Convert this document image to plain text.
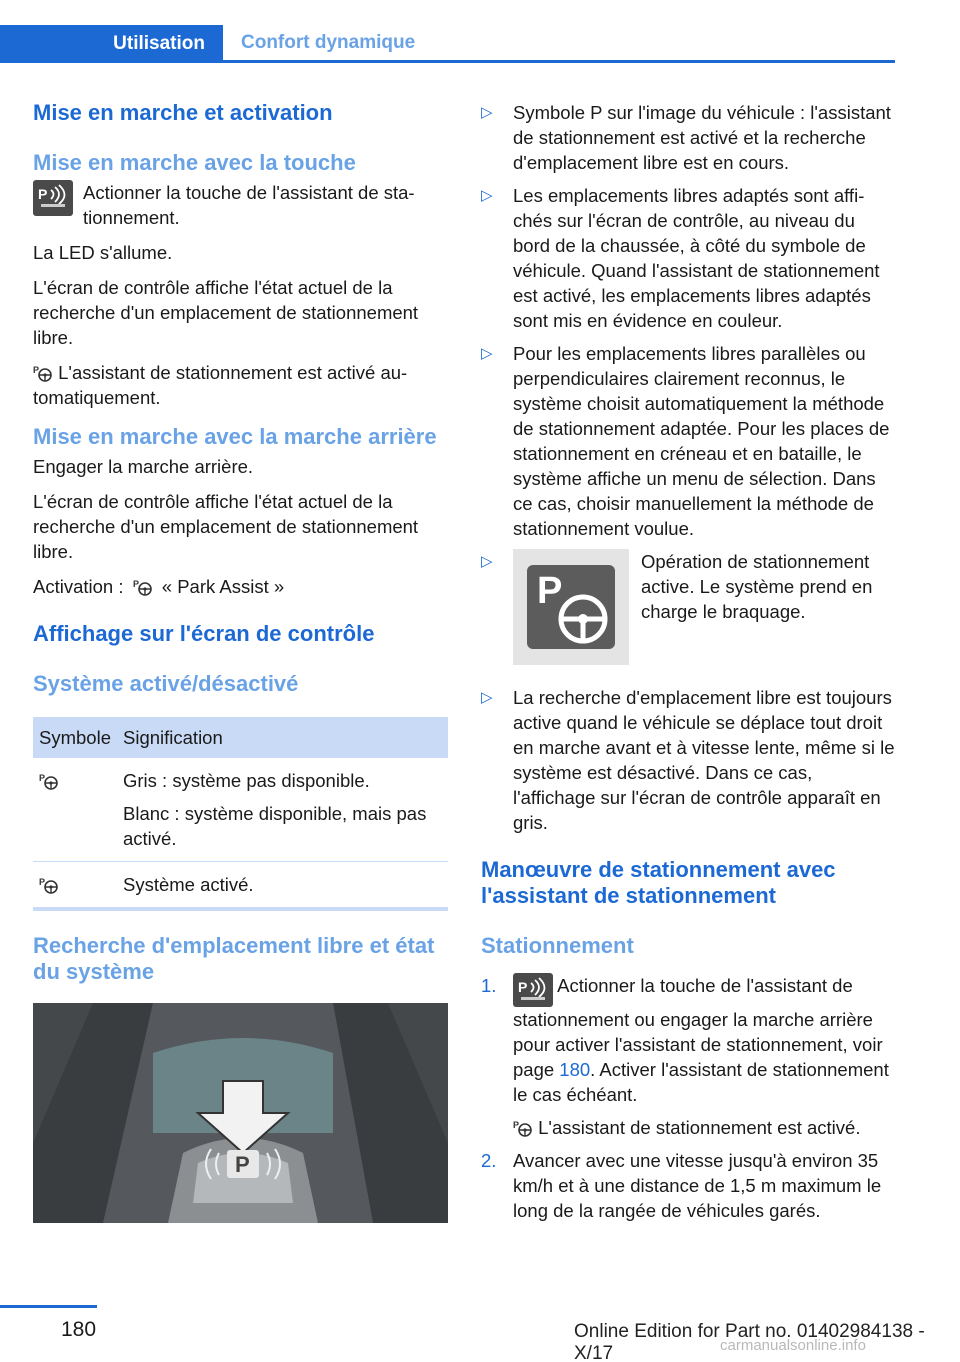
Utilisation	Confort dynamique
Mise en marche et activation
Mise en marche avec la touche
P Actionner la touche de l'assistant de stationnement.

La LED s'allume.

L'écran de contrôle affiche l'état actuel de la recherche d'un emplacement de stationnement libre.

P L'assistant de stationnement est activé automatiquement.

Mise en marche avec la marche arrière

Engager la marche arrière.

L'écran de contrôle affiche l'état actuel de la recherche d'un emplacement de stationnement libre.

Activation : P « Park Assist »

Affichage sur l'écran de contrôle
Système activé/désactivé
Symbole Signification
P	Gris : système pas disponible.
Blanc : système disponible, mais pas activé.
P	Système activé.
Recherche d'emplacement libre et état du système
P
▷ Symbole P sur l'image du véhicule : l'assistant de stationnement est activé et la recherche d'emplacement libre est en cours.
▷ Les emplacements libres adaptés sont affichés sur l'écran de contrôle, au niveau du bord de la chaussée, à côté du symbole de véhicule. Quand l'assistant de stationnement est activé, les emplacements libres adaptés sont mis en évidence en couleur.
▷ Pour les emplacements libres parallèles ou perpendiculaires clairement reconnus, le système choisit automatiquement la méthode de stationnement adaptée. Pour les places de stationnement en créneau et en bataille, le système affiche un menu de sélection. Dans ce cas, choisir manuellement la méthode de stationnement voulue.
▷
P
Opération de stationnement active. Le système prend en charge le braquage.
▷ La recherche d'emplacement libre est toujours active quand le véhicule se déplace tout droit en marche avant et à vitesse lente, même si le système est désactivé. Dans ce cas, l'affichage sur l'écran de contrôle apparaît en gris.
Manœuvre de stationnement avec l'assistant de stationnement
Stationnement
1. P Actionner la touche de l'assistant de stationnement ou engager la marche arrière pour activer l'assistant de stationnement, voir page 180. Activer l'assistant de stationnement le cas échéant.
P L'assistant de stationnement est activé.
2. Avancer avec une vitesse jusqu'à environ 35 km/h et à une distance de 1,5 m maximum le long de la rangée de véhicules garés.
180	Online Edition for Part no. 01402984138 - X/17	carmanualsonline.info
